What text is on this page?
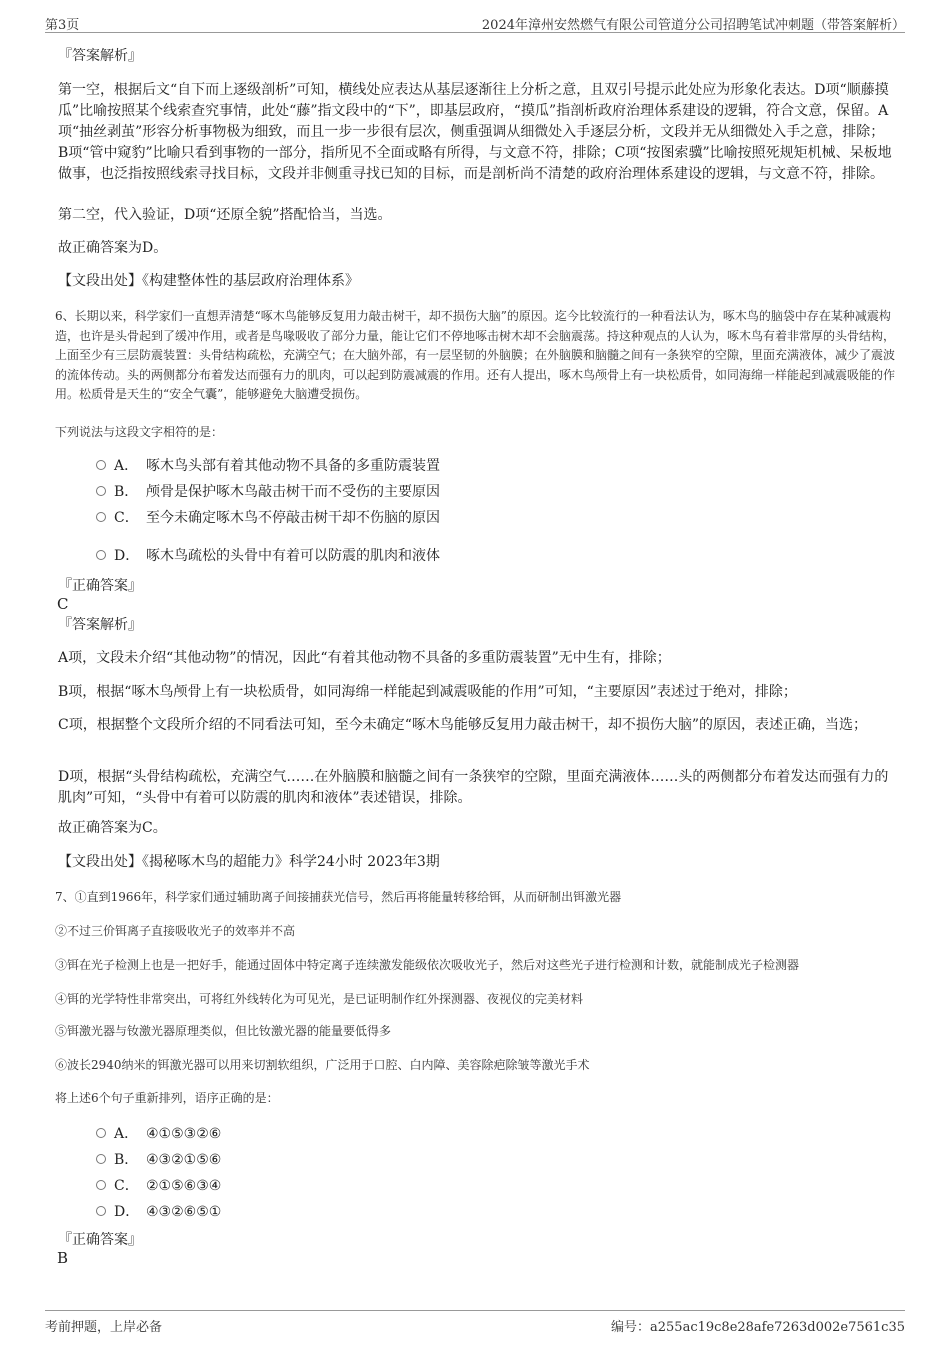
第3页	2024年漳州安然燃气有限公司管道分公司招聘笔试冲刺题（带答案解析）
『答案解析』
第一空，根据后文“自下而上逐级剖析”可知，横线处应表达从基层逐渐往上分析之意，且双引号提示此处应为形象化表达。D项“顺藤摸瓜”比喻按照某个线索查究事情，此处“藤”指文段中的“下”，即基层政府，“摸瓜”指剖析政府治理体系建设的逻辑，符合文意，保留。A项“抽丝剥茧”形容分析事物极为细致，而且一步一步很有层次，侧重强调从细微处入手逐层分析，文段并无从细微处入手之意，排除；B项“管中窥豹”比喻只看到事物的一部分，指所见不全面或略有所得，与文意不符，排除；C项“按图索骥”比喻按照死规矩机械、呆板地做事，也泛指按照线索寻找目标，文段并非侧重寻找已知的目标，而是剖析尚不清楚的政府治理体系建设的逻辑，与文意不符，排除。
第二空，代入验证，D项“还原全貌”搭配恰当，当选。
故正确答案为D。
【文段出处】《构建整体性的基层政府治理体系》
6、长期以来，科学家们一直想弄清楚“啄木鸟能够反复用力敲击树干，却不损伤大脑”的原因。迄今比较流行的一种看法认为，啄木鸟的脑袋中存在某种减震构造，也许是头骨起到了缓冲作用，或者是鸟喙吸收了部分力量，能让它们不停地啄击树木却不会脑震荡。持这种观点的人认为，啄木鸟有着非常厚的头骨结构，上面至少有三层防震装置：头骨结构疏松，充满空气；在大脑外部，有一层坚韧的外脑膜；在外脑膜和脑髓之间有一条狭窄的空隙，里面充满液体，减少了震波的流体传动。头的两侧都分布着发达而强有力的肌肉，可以起到防震减震的作用。还有人提出，啄木鸟颅骨上有一块松质骨，如同海绵一样能起到减震吸能的作用。松质骨是天生的“安全气囊”，能够避免大脑遭受损伤。
下列说法与这段文字相符的是：
A． 啄木鸟头部有着其他动物不具备的多重防震装置
B． 颅骨是保护啄木鸟敲击树干而不受伤的主要原因
C． 至今未确定啄木鸟不停敲击树干却不伤脑的原因
D． 啄木鸟疏松的头骨中有着可以防震的肌肉和液体
『正确答案』
C
『答案解析』
A项，文段未介绍“其他动物”的情况，因此“有着其他动物不具备的多重防震装置”无中生有，排除；
B项，根据“啄木鸟颅骨上有一块松质骨，如同海绵一样能起到减震吸能的作用”可知，“主要原因”表述过于绝对，排除；
C项，根据整个文段所介绍的不同看法可知，至今未确定“啄木鸟能够反复用力敲击树干，却不损伤大脑”的原因，表述正确，当选；
D项，根据“头骨结构疏松，充满空气……在外脑膜和脑髓之间有一条狭窄的空隙，里面充满液体……头的两侧都分布着发达而强有力的肌肉”可知，“头骨中有着可以防震的肌肉和液体”表述错误，排除。
故正确答案为C。
【文段出处】《揭秘啄木鸟的超能力》科学24小时 2023年3期
7、①直到1966年，科学家们通过辅助离子间接捕获光信号，然后再将能量转移给铒，从而研制出铒激光器
②不过三价铒离子直接吸收光子的效率并不高
③铒在光子检测上也是一把好手，能通过固体中特定离子连续激发能级依次吸收光子，然后对这些光子进行检测和计数，就能制成光子检测器
④铒的光学特性非常突出，可将红外线转化为可见光，是已证明制作红外探测器、夜视仪的完美材料
⑤铒激光器与钕激光器原理类似，但比钕激光器的能量要低得多
⑥波长2940纳米的铒激光器可以用来切割软组织，广泛用于口腔、白内障、美容除疤除皱等激光手术
将上述6个句子重新排列，语序正确的是：
A． ④①⑤③②⑥
B． ④③②①⑤⑥
C． ②①⑤⑥③④
D． ④③②⑥⑤①
『正确答案』
B
考前押题，上岸必备	编号：a255ac19c8e28afe7263d002e7561c35
